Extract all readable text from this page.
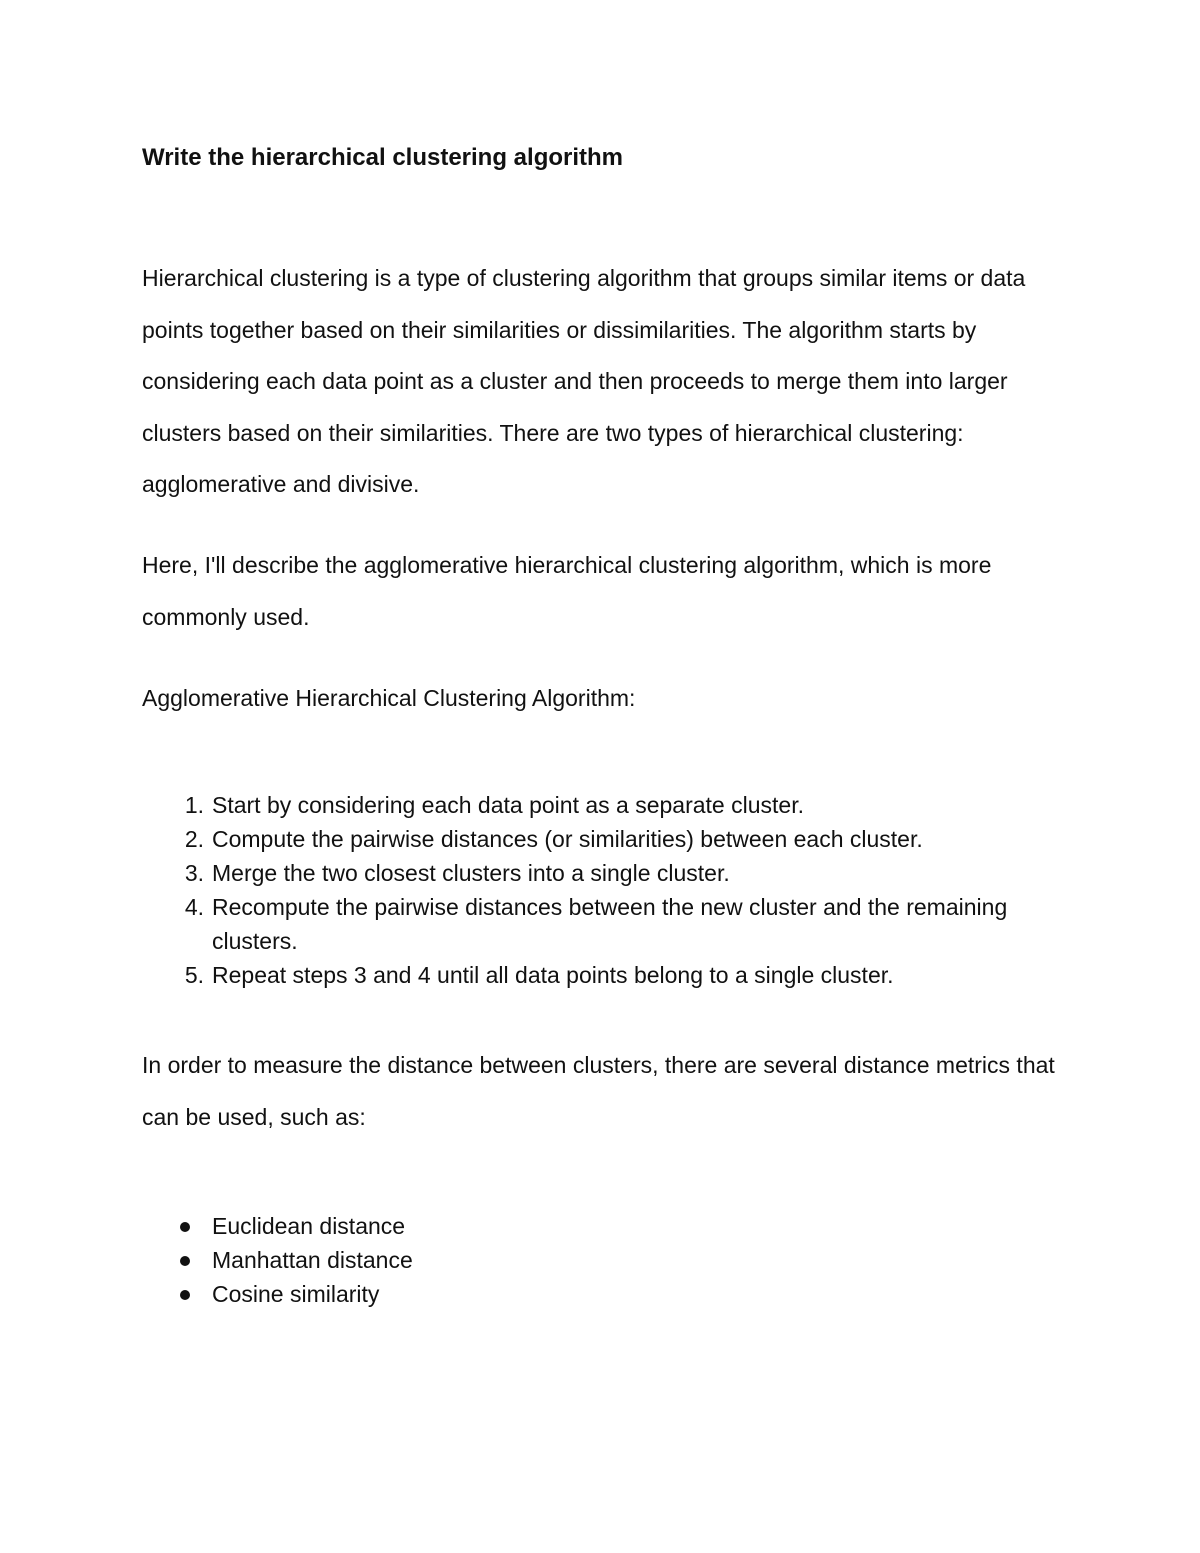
Write the hierarchical clustering algorithm

Hierarchical clustering is a type of clustering algorithm that groups similar items or data points together based on their similarities or dissimilarities. The algorithm starts by considering each data point as a cluster and then proceeds to merge them into larger clusters based on their similarities. There are two types of hierarchical clustering: agglomerative and divisive.

Here, I'll describe the agglomerative hierarchical clustering algorithm, which is more commonly used.

Agglomerative Hierarchical Clustering Algorithm:

1. Start by considering each data point as a separate cluster.
2. Compute the pairwise distances (or similarities) between each cluster.
3. Merge the two closest clusters into a single cluster.
4. Recompute the pairwise distances between the new cluster and the remaining clusters.
5. Repeat steps 3 and 4 until all data points belong to a single cluster.

In order to measure the distance between clusters, there are several distance metrics that can be used, such as:

Euclidean distance
Manhattan distance
Cosine similarity
